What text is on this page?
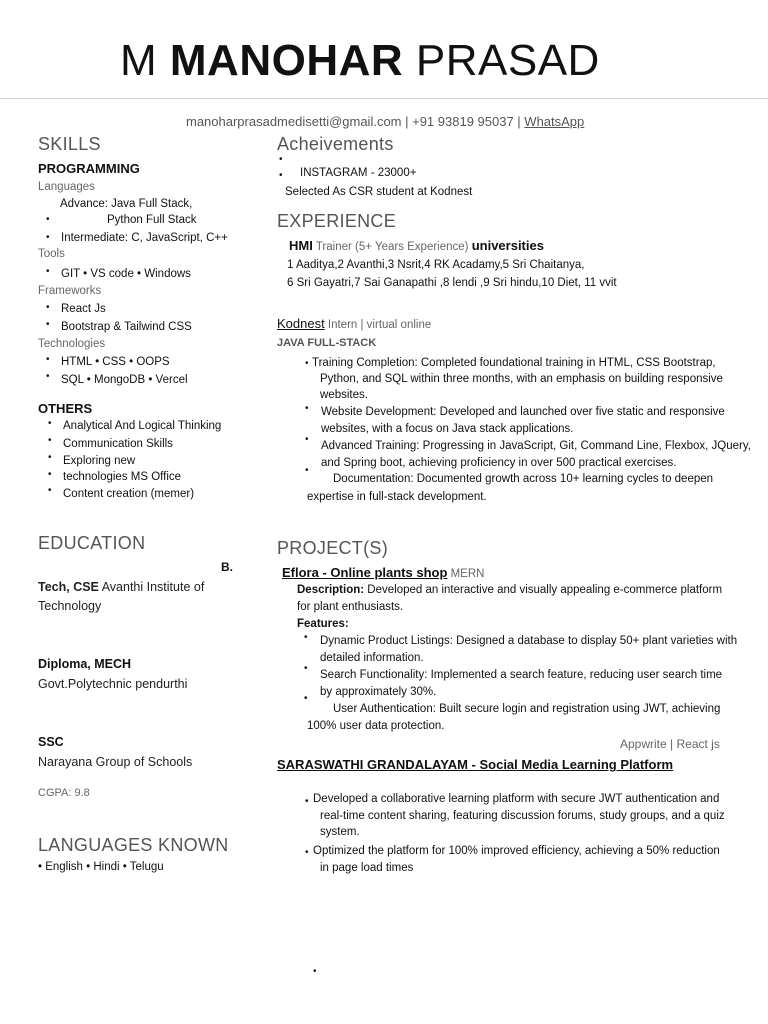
M MANOHAR PRASAD
manoharprasadmedisetti@gmail.com | +91 93819 95037 | WhatsApp
SKILLS
PROGRAMMING
Languages
Advance: Java Full Stack,
•	Python Full Stack
• Intermediate: C, JavaScript, C++
Tools
• GIT • VS code • Windows
Frameworks
• React Js
• Bootstrap & Tailwind CSS
Technologies
• HTML • CSS • OOPS
• SQL • MongoDB • Vercel
OTHERS
• Analytical And Logical Thinking
• Communication Skills
• Exploring new
• technologies MS Office
• Content creation (memer)
EDUCATION
B.
Tech, CSE Avanthi Institute of
Technology
Diploma, MECH
Govt.Polytechnic pendurthi
SSC
Narayana Group of Schools
CGPA: 9.8
LANGUAGES KNOWN
• English • Hindi • Telugu
Acheivements
•
• INSTAGRAM - 23000+
Selected As CSR student at Kodnest
EXPERIENCE
HMI Trainer (5+ Years Experience) universities
1 Aaditya,2 Avanthi,3 Nsrit,4 RK Acadamy,5 Sri Chaitanya,
6 Sri Gayatri,7 Sai Ganapathi ,8 lendi ,9 Sri hindu,10 Diet, 11 vvit
Kodnest Intern | virtual online
JAVA FULL-STACK
• Training Completion: Completed foundational training in HTML, CSS Bootstrap,
Python, and SQL within three months, with an emphasis on building responsive
websites.
• Website Development: Developed and launched over five static and responsive
websites, with a focus on Java stack applications.
•
Advanced Training: Progressing in JavaScript, Git, Command Line, Flexbox, JQuery,
and Spring boot, achieving proficiency in over 500 practical exercises.
•
Documentation: Documented growth across 10+ learning cycles to deepen
expertise in full-stack development.
PROJECT(S)
Eflora - Online plants shop MERN
Description: Developed an interactive and visually appealing e-commerce platform
for plant enthusiasts.
Features:
• Dynamic Product Listings: Designed a database to display 50+ plant varieties with
detailed information.
•
Search Functionality: Implemented a search feature, reducing user search time
by approximately 30%.
•
User Authentication: Built secure login and registration using JWT, achieving
100% user data protection.
Appwrite | React js
SARASWATHI GRANDALAYAM - Social Media Learning Platform
• Developed a collaborative learning platform with secure JWT authentication and
real-time content sharing, featuring discussion forums, study groups, and a quiz
system.
• Optimized the platform for 100% improved efficiency, achieving a 50% reduction
in page load times
•
